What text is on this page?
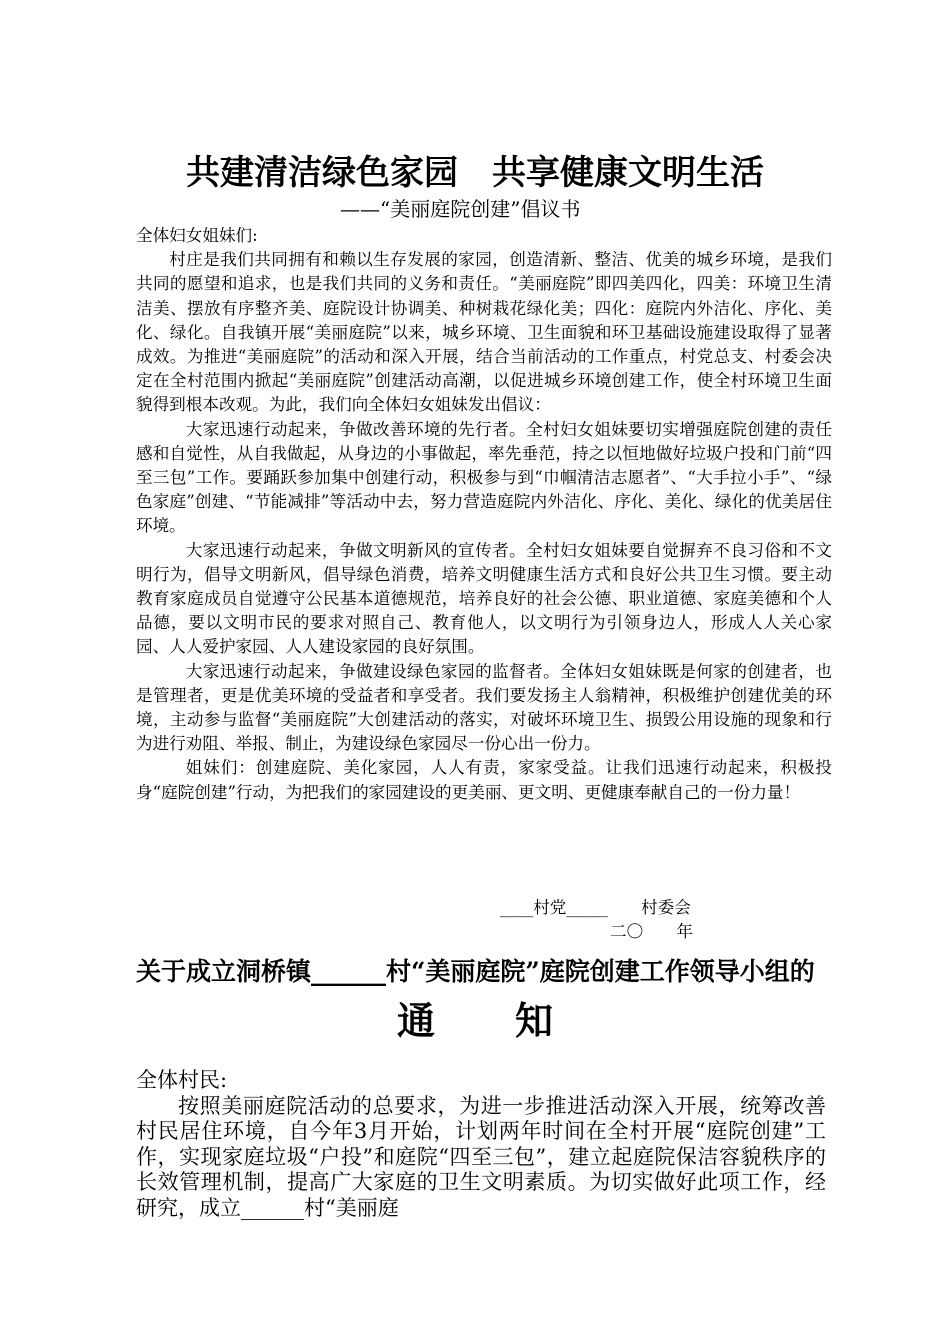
共建清洁绿色家园　共享健康文明生活
——“美丽庭院创建”倡议书

全体妇女姐妹们:

村庄是我们共同拥有和赖以生存发展的家园，创造清新、整洁、优美的城乡环境，是我们共同的愿望和追求，也是我们共同的义务和责任。“美丽庭院”即四美四化，四美：环境卫生清洁美、摆放有序整齐美、庭院设计协调美、种树栽花绿化美；四化：庭院内外洁化、序化、美化、绿化。自我镇开展“美丽庭院”以来，城乡环境、卫生面貌和环卫基础设施建设取得了显著成效。为推进“美丽庭院”的活动和深入开展，结合当前活动的工作重点，村党总支、村委会决定在全村范围内掀起“美丽庭院”创建活动高潮，以促进城乡环境创建工作，使全村环境卫生面貌得到根本改观。为此，我们向全体妇女姐妹发出倡议：

大家迅速行动起来，争做改善环境的先行者。全村妇女姐妹要切实增强庭院创建的责任感和自觉性，从自我做起，从身边的小事做起，率先垂范，持之以恒地做好垃圾户投和门前“四至三包”工作。要踊跃参加集中创建行动，积极参与到“巾帼清洁志愿者”、“大手拉小手”、“绿色家庭”创建、“节能减排”等活动中去，努力营造庭院内外洁化、序化、美化、绿化的优美居住环境。

大家迅速行动起来，争做文明新风的宣传者。全村妇女姐妹要自觉摒弃不良习俗和不文明行为，倡导文明新风，倡导绿色消费，培养文明健康生活方式和良好公共卫生习惯。要主动教育家庭成员自觉遵守公民基本道德规范，培养良好的社会公德、职业道德、家庭美德和个人品德，要以文明市民的要求对照自己、教育他人，以文明行为引领身边人，形成人人关心家园、人人爱护家园、人人建设家园的良好氛围。

大家迅速行动起来，争做建设绿色家园的监督者。全体妇女姐妹既是何家的创建者，也是管理者，更是优美环境的受益者和享受者。我们要发扬主人翁精神，积极维护创建优美的环境，主动参与监督“美丽庭院”大创建活动的落实，对破坏环境卫生、损毁公用设施的现象和行为进行劝阻、举报、制止，为建设绿色家园尽一份心出一份力。

姐妹们：创建庭院、美化家园，人人有责，家家受益。让我们迅速行动起来，积极投身“庭院创建”行动，为把我们的家园建设的更美丽、更文明、更健康奉献自己的一份力量！

____村党_____　　村委会
二〇　　年
关于成立洞桥镇______村“美丽庭院”庭院创建工作领导小组的
通知

全体村民:

按照美丽庭院活动的总要求，为进一步推进活动深入开展，统筹改善村民居住环境，自今年3月开始，计划两年时间在全村开展“庭院创建”工作，实现家庭垃圾“户投”和庭院“四至三包”，建立起庭院保洁容貌秩序的长效管理机制，提高广大家庭的卫生文明素质。为切实做好此项工作，经研究，成立______村“美丽庭
